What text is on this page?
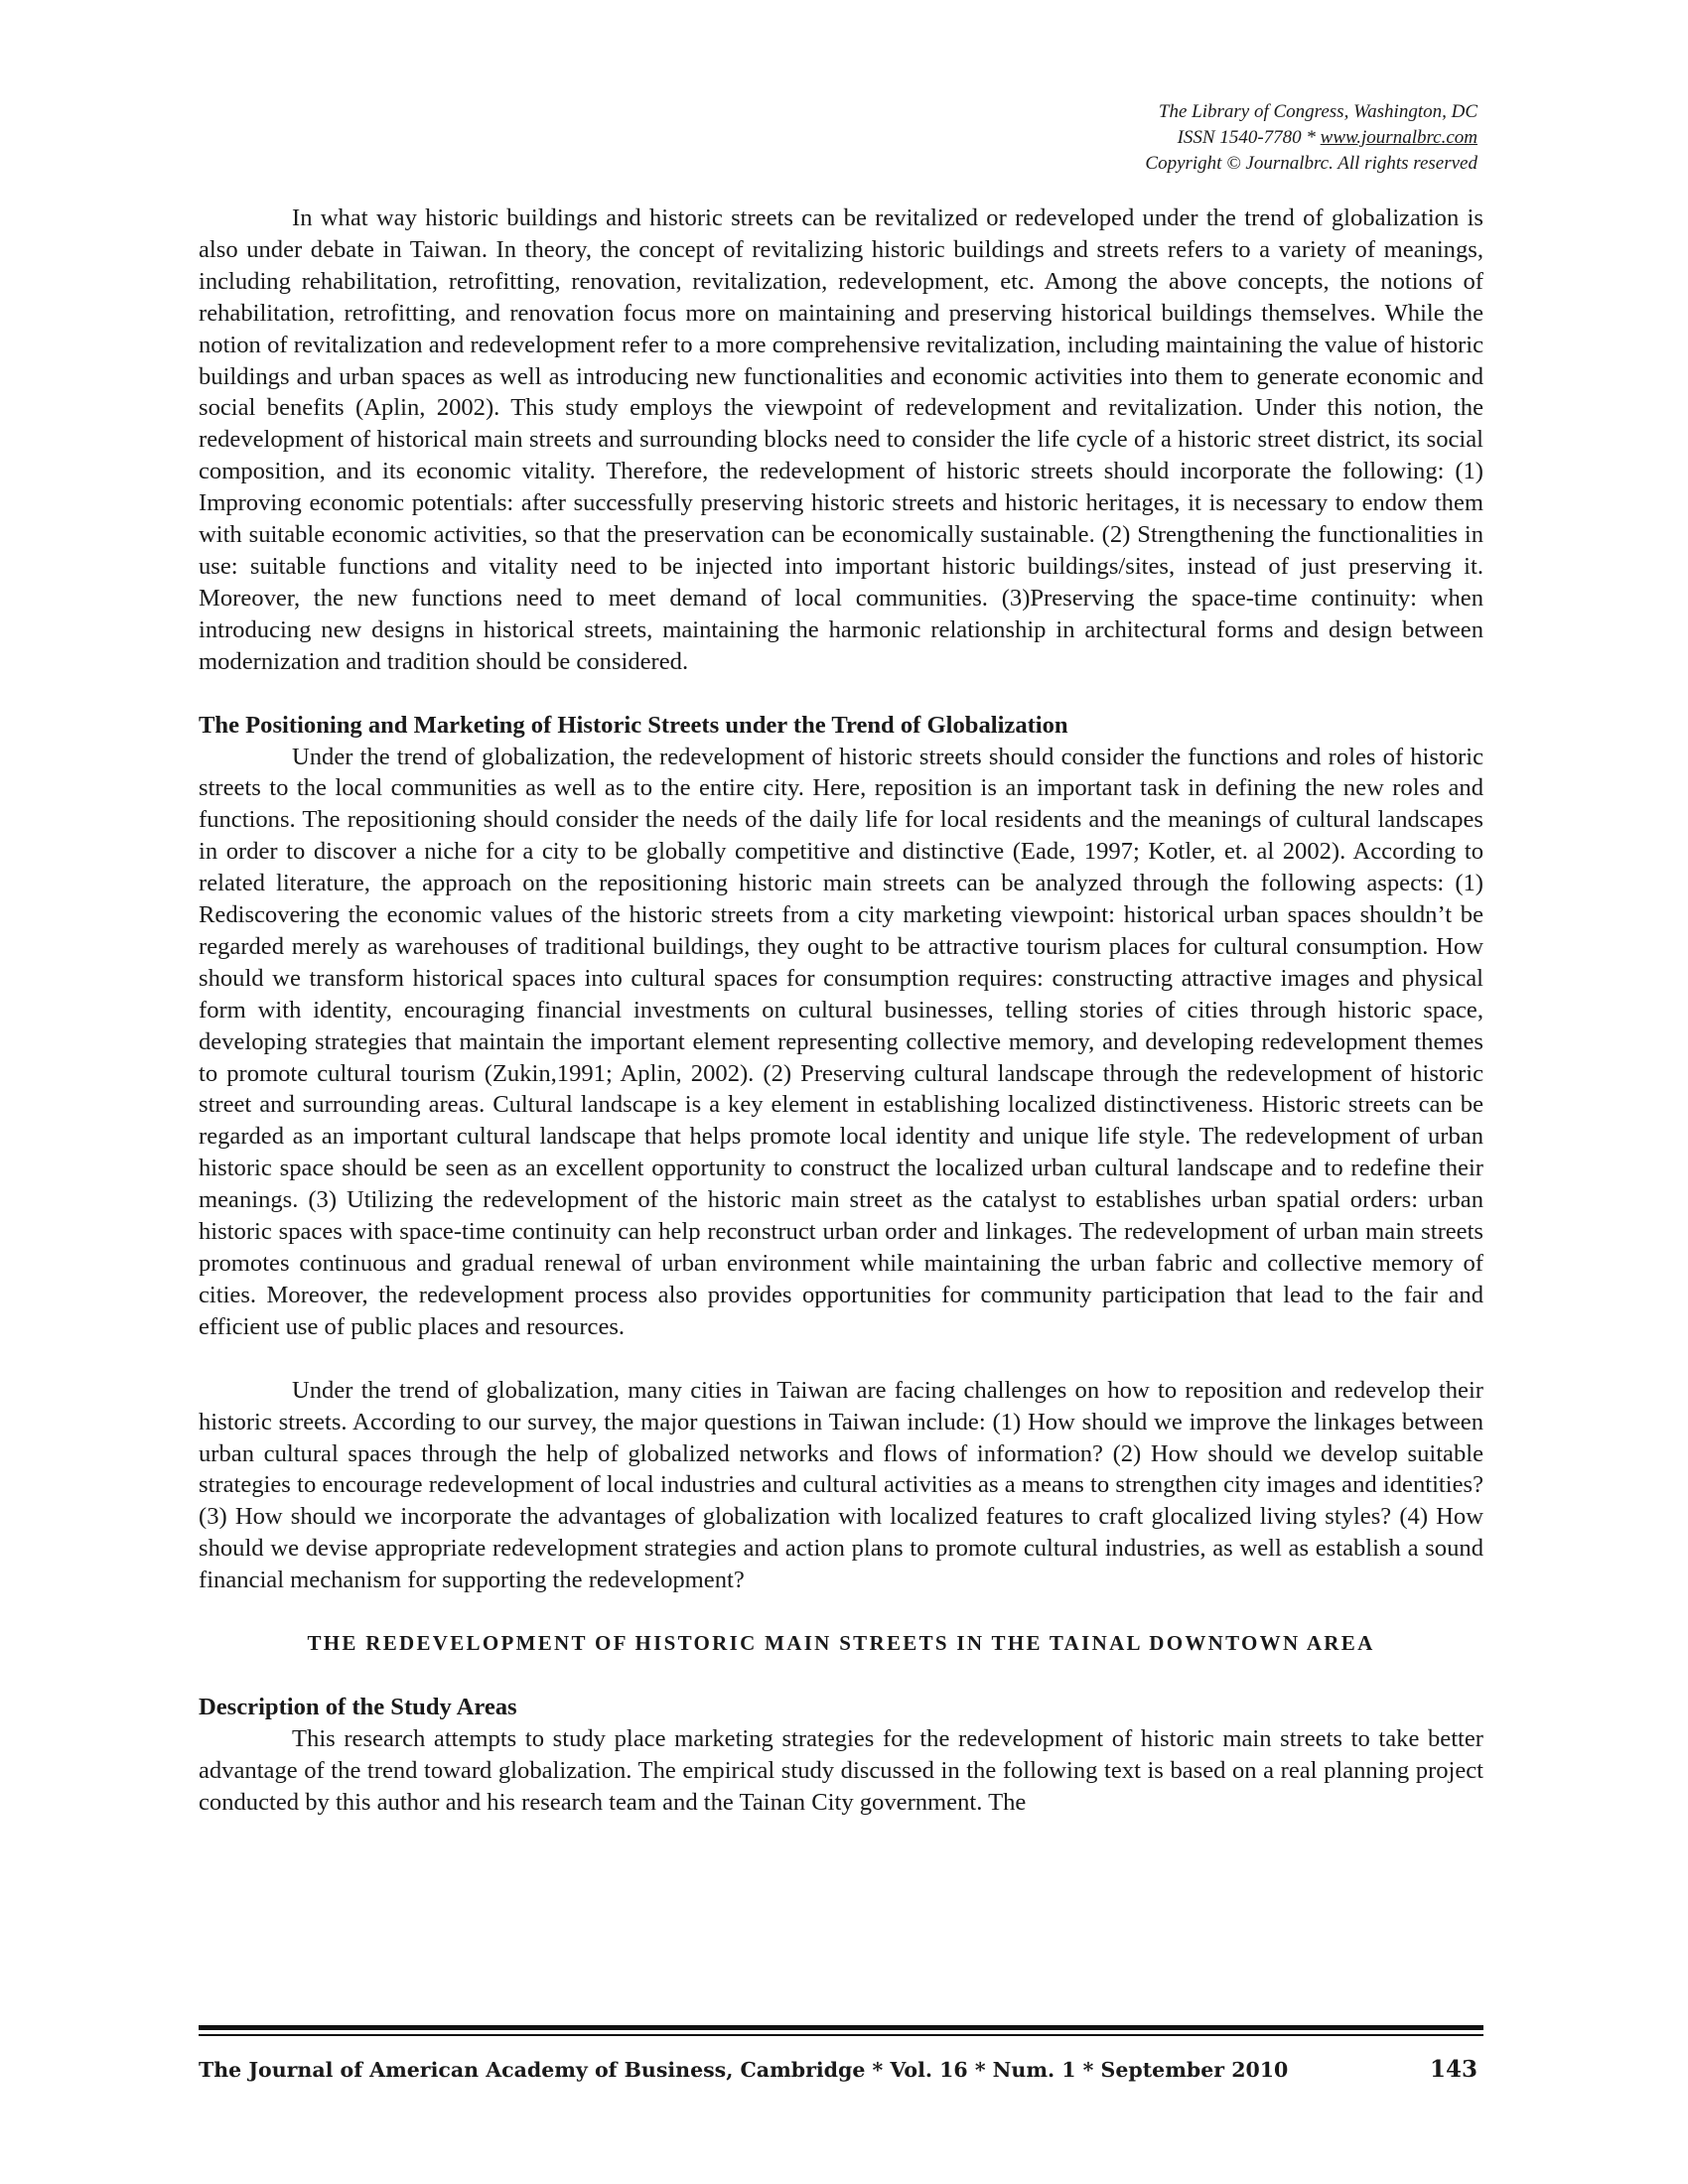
The Library of Congress, Washington, DC
ISSN 1540-7780 * www.journalbrc.com
Copyright © Journalbrc. All rights reserved

In what way historic buildings and historic streets can be revitalized or redeveloped under the trend of globalization is also under debate in Taiwan. In theory, the concept of revitalizing historic buildings and streets refers to a variety of meanings, including rehabilitation, retrofitting, renovation, revitalization, redevelopment, etc. Among the above concepts, the notions of rehabilitation, retrofitting, and renovation focus more on maintaining and preserving historical buildings themselves. While the notion of revitalization and redevelopment refer to a more comprehensive revitalization, including maintaining the value of historic buildings and urban spaces as well as introducing new functionalities and economic activities into them to generate economic and social benefits (Aplin, 2002). This study employs the viewpoint of redevelopment and revitalization. Under this notion, the redevelopment of historical main streets and surrounding blocks need to consider the life cycle of a historic street district, its social composition, and its economic vitality. Therefore, the redevelopment of historic streets should incorporate the following: (1) Improving economic potentials: after successfully preserving historic streets and historic heritages, it is necessary to endow them with suitable economic activities, so that the preservation can be economically sustainable. (2) Strengthening the functionalities in use: suitable functions and vitality need to be injected into important historic buildings/sites, instead of just preserving it. Moreover, the new functions need to meet demand of local communities. (3)Preserving the space-time continuity: when introducing new designs in historical streets, maintaining the harmonic relationship in architectural forms and design between modernization and tradition should be considered.

The Positioning and Marketing of Historic Streets under the Trend of Globalization

Under the trend of globalization, the redevelopment of historic streets should consider the functions and roles of historic streets to the local communities as well as to the entire city. Here, reposition is an important task in defining the new roles and functions. The repositioning should consider the needs of the daily life for local residents and the meanings of cultural landscapes in order to discover a niche for a city to be globally competitive and distinctive (Eade, 1997; Kotler, et. al 2002). According to related literature, the approach on the repositioning historic main streets can be analyzed through the following aspects: (1) Rediscovering the economic values of the historic streets from a city marketing viewpoint: historical urban spaces shouldn’t be regarded merely as warehouses of traditional buildings, they ought to be attractive tourism places for cultural consumption. How should we transform historical spaces into cultural spaces for consumption requires: constructing attractive images and physical form with identity, encouraging financial investments on cultural businesses, telling stories of cities through historic space, developing strategies that maintain the important element representing collective memory, and developing redevelopment themes to promote cultural tourism (Zukin,1991; Aplin, 2002). (2) Preserving cultural landscape through the redevelopment of historic street and surrounding areas. Cultural landscape is a key element in establishing localized distinctiveness. Historic streets can be regarded as an important cultural landscape that helps promote local identity and unique life style. The redevelopment of urban historic space should be seen as an excellent opportunity to construct the localized urban cultural landscape and to redefine their meanings. (3) Utilizing the redevelopment of the historic main street as the catalyst to establishes urban spatial orders: urban historic spaces with space-time continuity can help reconstruct urban order and linkages. The redevelopment of urban main streets promotes continuous and gradual renewal of urban environment while maintaining the urban fabric and collective memory of cities. Moreover, the redevelopment process also provides opportunities for community participation that lead to the fair and efficient use of public places and resources.

Under the trend of globalization, many cities in Taiwan are facing challenges on how to reposition and redevelop their historic streets. According to our survey, the major questions in Taiwan include: (1) How should we improve the linkages between urban cultural spaces through the help of globalized networks and flows of information? (2) How should we develop suitable strategies to encourage redevelopment of local industries and cultural activities as a means to strengthen city images and identities? (3) How should we incorporate the advantages of globalization with localized features to craft glocalized living styles? (4) How should we devise appropriate redevelopment strategies and action plans to promote cultural industries, as well as establish a sound financial mechanism for supporting the redevelopment?

THE REDEVELOPMENT OF HISTORIC MAIN STREETS IN THE TAINAL DOWNTOWN AREA
Description of the Study Areas

This research attempts to study place marketing strategies for the redevelopment of historic main streets to take better advantage of the trend toward globalization. The empirical study discussed in the following text is based on a real planning project conducted by this author and his research team and the Tainan City government. The

The Journal of American Academy of Business, Cambridge * Vol. 16 * Num. 1 * September 2010	143
